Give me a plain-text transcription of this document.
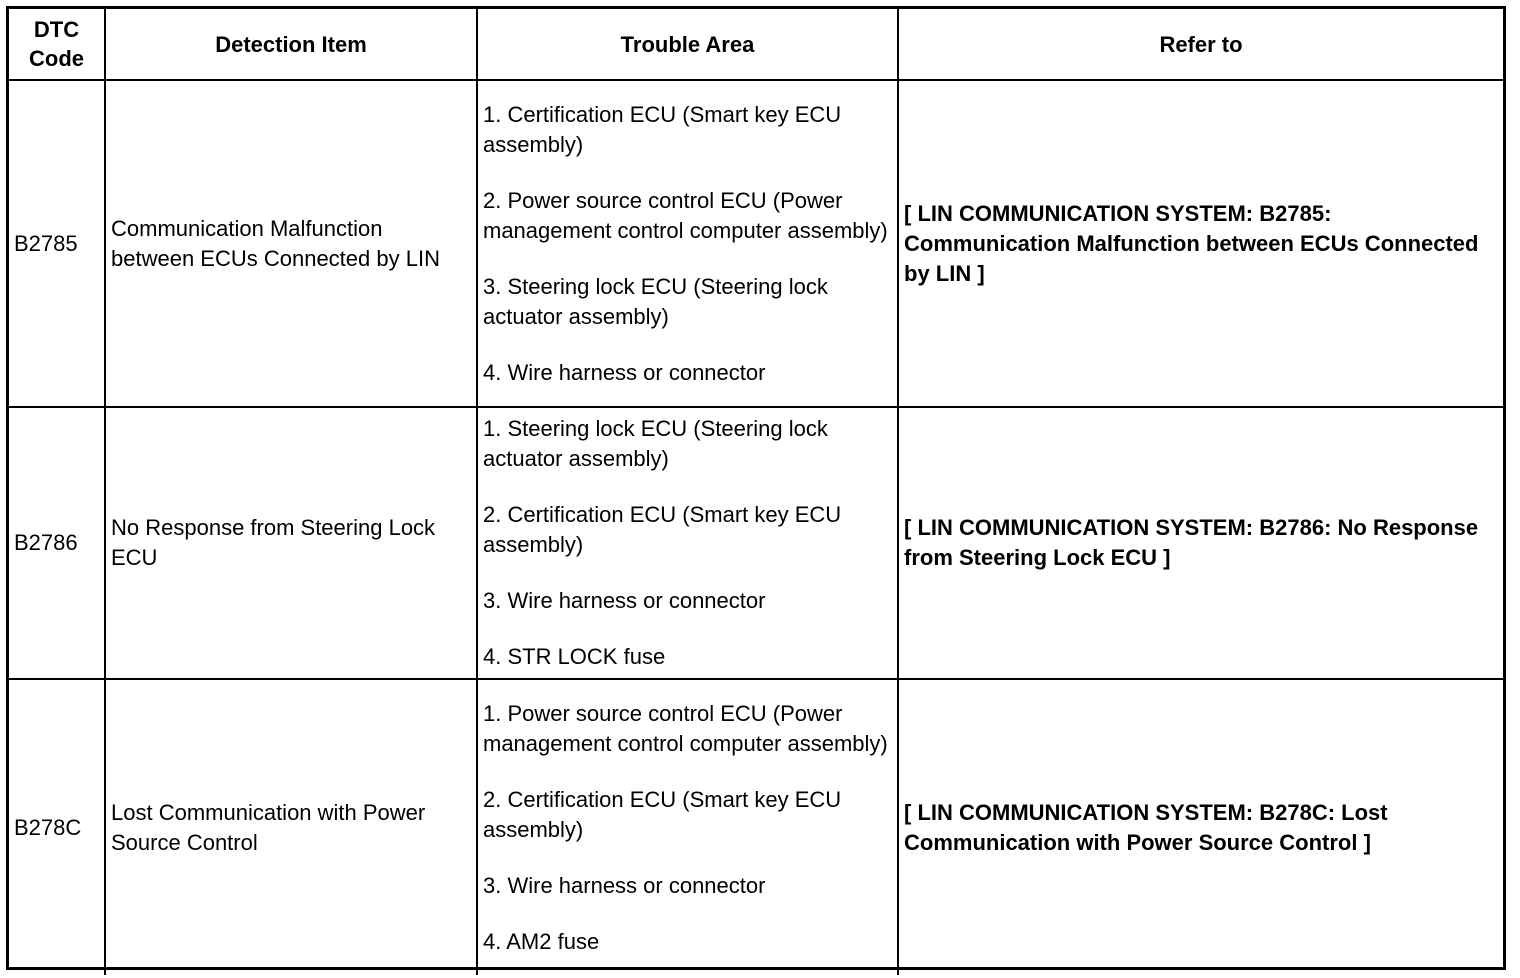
DTC Code	Detection Item	Trouble Area	Refer to
B2785	Communication Malfunction between ECUs Connected by LIN	1. Certification ECU (Smart key ECU assembly)

2. Power source control ECU (Power management control computer assembly)

3. Steering lock ECU (Steering lock actuator assembly)

4. Wire harness or connector	[ LIN COMMUNICATION SYSTEM: B2785: Communication Malfunction between ECUs Connected by LIN ]
B2786	No Response from Steering Lock ECU	1. Steering lock ECU (Steering lock actuator assembly)

2. Certification ECU (Smart key ECU assembly)

3. Wire harness or connector

4. STR LOCK fuse	[ LIN COMMUNICATION SYSTEM: B2786: No Response from Steering Lock ECU ]
B278C	Lost Communication with Power Source Control	1. Power source control ECU (Power management control computer assembly)

2. Certification ECU (Smart key ECU assembly)

3. Wire harness or connector

4. AM2 fuse	[ LIN COMMUNICATION SYSTEM: B278C: Lost Communication with Power Source Control ]
